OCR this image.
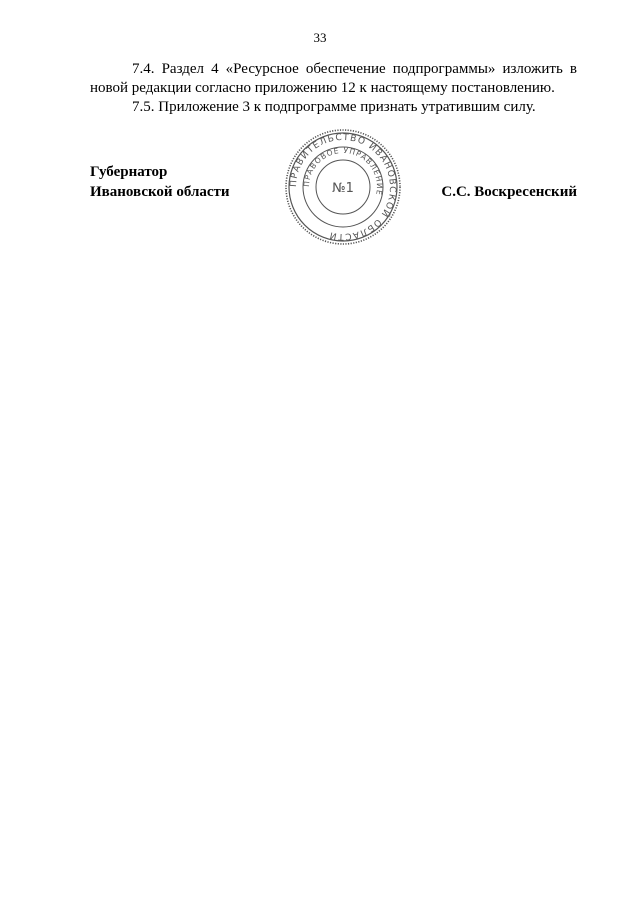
33

7.4. Раздел 4 «Ресурсное обеспечение подпрограммы» изложить в новой редакции согласно приложению 12 к настоящему постановлению.

7.5. Приложение 3 к подпрограмме признать утратившим силу.

Губернатор
Ивановской области
ПРАВИТЕЛЬСТВО ИВАНОВСКОЙ ОБЛАСТИ
ПРАВОВОЕ УПРАВЛЕНИЕ
№1	С.С. Воскресенский
